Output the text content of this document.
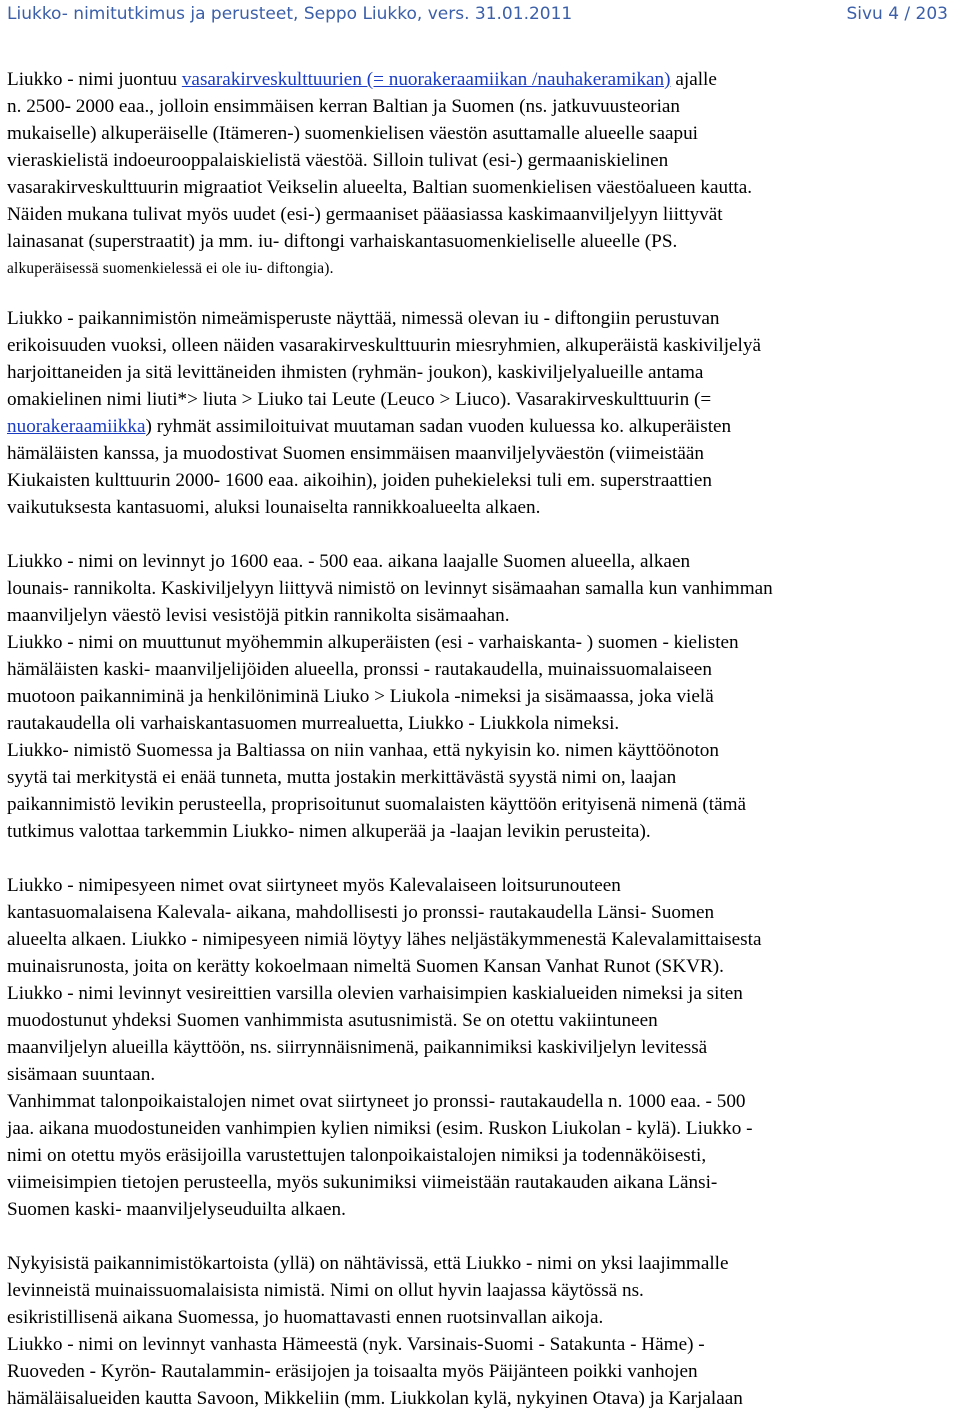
Liukko- nimitutkimus ja perusteet, Seppo Liukko, vers. 31.01.2011	Sivu 4 / 203
Liukko - nimi juontuu vasarakirveskulttuurien (= nuorakeraamiikan /nauhakeramikan) ajalle
n. 2500- 2000 eaa., jolloin ensimmäisen kerran Baltian ja Suomen (ns. jatkuvuusteorian
mukaiselle) alkuperäiselle (Itämeren-) suomenkielisen väestön asuttamalle alueelle saapui
vieraskielistä indoeurooppalaiskielistä väestöä. Silloin tulivat (esi-) germaaniskielinen
vasarakirveskulttuurin migraatiot Veikselin alueelta, Baltian suomenkielisen väestöalueen kautta.
Näiden mukana tulivat myös uudet (esi-) germaaniset pääasiassa kaskimaanviljelyyn liittyvät
lainasanat (superstraatit) ja mm. iu- diftongi varhaiskantasuomenkieliselle alueelle (PS.
alkuperäisessä suomenkielessä ei ole iu- diftongia).
Liukko - paikannimistön nimeämisperuste näyttää, nimessä olevan iu - diftongiin perustuvan
erikoisuuden vuoksi, olleen näiden vasarakirveskulttuurin miesryhmien, alkuperäistä kaskiviljelyä
harjoittaneiden ja sitä levittäneiden ihmisten (ryhmän- joukon), kaskiviljelyalueille antama
omakielinen nimi liuti*> liuta > Liuko tai Leute (Leuco > Liuco). Vasarakirveskulttuurin (=
nuorakeraamiikka) ryhmät assimiloituivat muutaman sadan vuoden kuluessa ko. alkuperäisten
hämäläisten kanssa, ja muodostivat Suomen ensimmäisen maanviljelyväestön (viimeistään
Kiukaisten kulttuurin 2000- 1600 eaa. aikoihin), joiden puhekieleksi tuli em. superstraattien
vaikutuksesta kantasuomi, aluksi lounaiselta rannikkoalueelta alkaen.
Liukko - nimi on levinnyt jo 1600 eaa. - 500 eaa. aikana laajalle Suomen alueella, alkaen
lounais- rannikolta. Kaskiviljelyyn liittyvä nimistö on levinnyt sisämaahan samalla kun vanhimman
maanviljelyn väestö levisi vesistöjä pitkin rannikolta sisämaahan.
Liukko - nimi on muuttunut myöhemmin alkuperäisten (esi - varhaiskanta- ) suomen - kielisten
hämäläisten kaski- maanviljelijöiden alueella, pronssi - rautakaudella, muinaissuomalaiseen
muotoon paikanniminä ja henkilöniminä Liuko > Liukola -nimeksi ja sisämaassa, joka vielä
rautakaudella oli varhaiskantasuomen murrealuetta, Liukko - Liukkola nimeksi.
Liukko- nimistö Suomessa ja Baltiassa on niin vanhaa, että nykyisin ko. nimen käyttöönoton
syytä tai merkitystä ei enää tunneta, mutta jostakin merkittävästä syystä nimi on, laajan
paikannimistö levikin perusteella, proprisoitunut suomalaisten käyttöön erityisenä nimenä (tämä
tutkimus valottaa tarkemmin Liukko- nimen alkuperää ja -laajan levikin perusteita).
Liukko - nimipesyeen nimet ovat siirtyneet myös Kalevalaiseen loitsurunouteen
kantasuomalaisena Kalevala- aikana, mahdollisesti jo pronssi- rautakaudella Länsi- Suomen
alueelta alkaen. Liukko - nimipesyeen nimiä löytyy lähes neljästäkymmenestä Kalevalamittaisesta
muinaisrunosta, joita on kerätty kokoelmaan nimeltä Suomen Kansan Vanhat Runot (SKVR).
Liukko - nimi levinnyt vesireittien varsilla olevien varhaisimpien kaskialueiden nimeksi ja siten
muodostunut yhdeksi Suomen vanhimmista asutusnimistä. Se on otettu vakiintuneen
maanviljelyn alueilla käyttöön, ns. siirrynnäisnimenä, paikannimiksi kaskiviljelyn levitessä
sisämaan suuntaan.
Vanhimmat talonpoikaistalojen nimet ovat siirtyneet jo pronssi- rautakaudella n. 1000 eaa. - 500
jaa. aikana muodostuneiden vanhimpien kylien nimiksi (esim. Ruskon Liukolan - kylä). Liukko -
nimi on otettu myös eräsijoilla varustettujen talonpoikaistalojen nimiksi ja todennäköisesti,
viimeisimpien tietojen perusteella, myös sukunimiksi viimeistään rautakauden aikana Länsi-
Suomen kaski- maanviljelyseuduilta alkaen.
Nykyisistä paikannimistökartoista (yllä) on nähtävissä, että Liukko - nimi on yksi laajimmalle
levinneistä muinaissuomalaisista nimistä. Nimi on ollut hyvin laajassa käytössä ns.
esikristillisenä aikana Suomessa, jo huomattavasti ennen ruotsinvallan aikoja.
Liukko - nimi on levinnyt vanhasta Hämeestä (nyk. Varsinais-Suomi - Satakunta - Häme) -
Ruoveden - Kyrön- Rautalammin- eräsijojen ja toisaalta myös Päijänteen poikki vanhojen
hämäläisalueiden kautta Savoon, Mikkeliin (mm. Liukkolan kylä, nykyinen Otava) ja Karjalaan
